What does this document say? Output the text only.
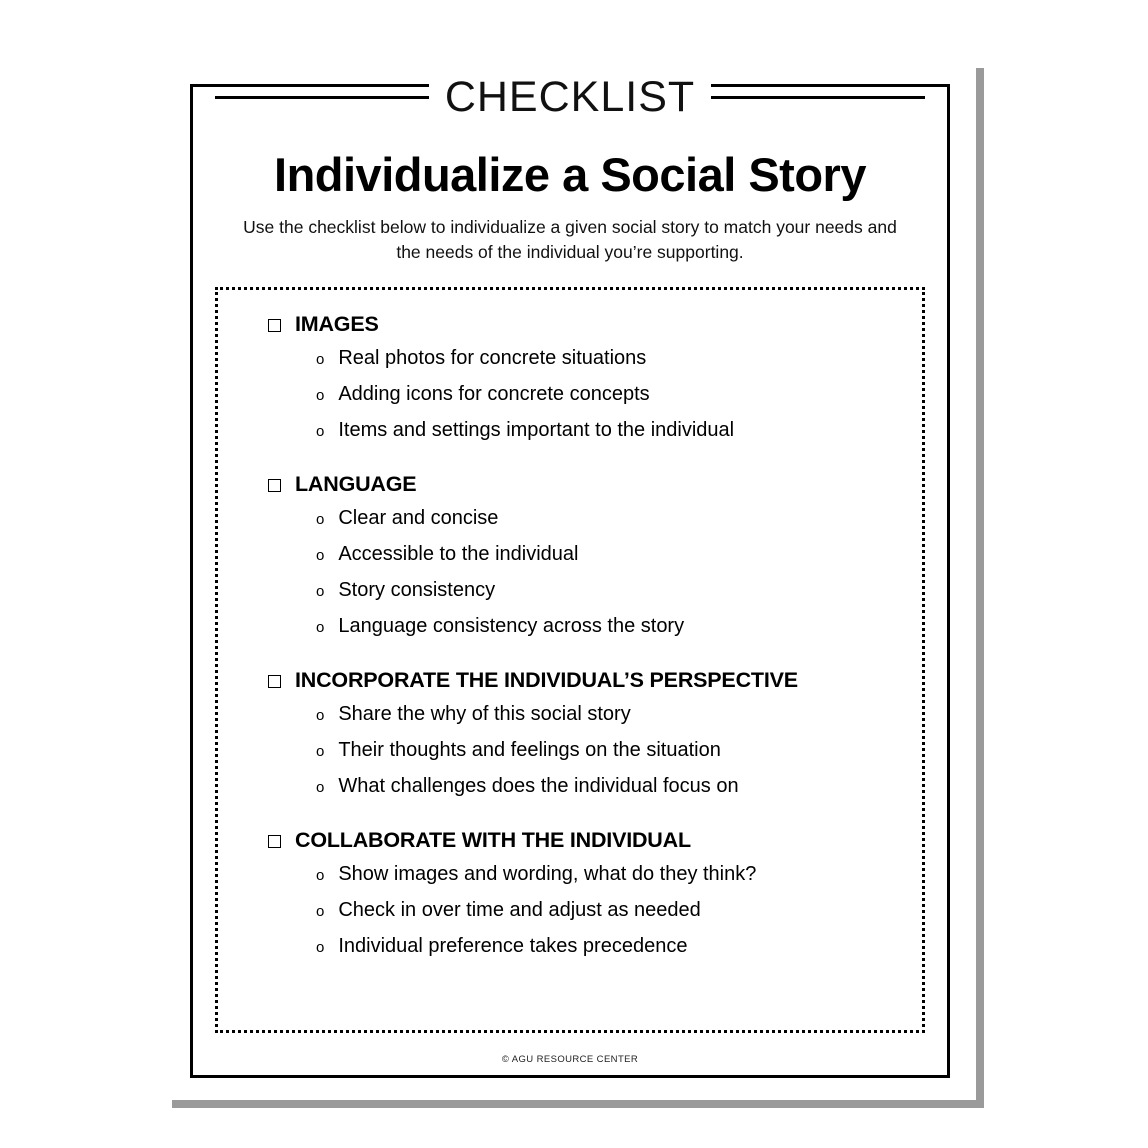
CHECKLIST
Individualize a Social Story
Use the checklist below to individualize a given social story to match your needs and the needs of the individual you’re supporting.
IMAGES
o Real photos for concrete situations
o Adding icons for concrete concepts
o Items and settings important to the individual
LANGUAGE
o Clear and concise
o Accessible to the individual
o Story consistency
o Language consistency across the story
INCORPORATE THE INDIVIDUAL’S PERSPECTIVE
o Share the why of this social story
o Their thoughts and feelings on the situation
o What challenges does the individual focus on
COLLABORATE WITH THE INDIVIDUAL
o Show images and wording, what do they think?
o Check in over time and adjust as needed
o Individual preference takes precedence
© AGU RESOURCE CENTER
